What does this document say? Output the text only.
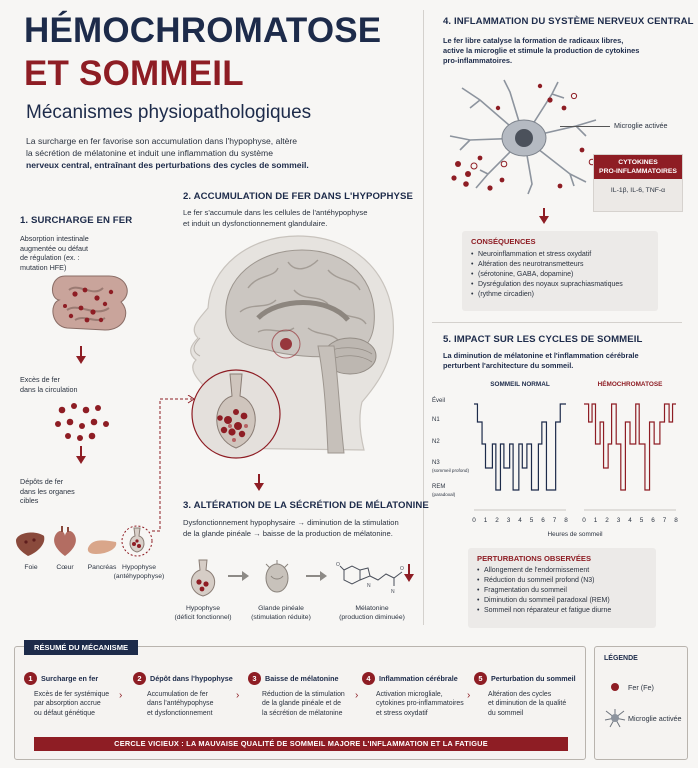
HÉMOCHROMATOSE
ET SOMMEIL
Mécanismes physiopathologiques
La surcharge en fer favorise son accumulation dans l'hypophyse, altère
la sécrétion de mélatonine et induit une inflammation du système
nerveux central, entraînant des perturbations des cycles de sommeil.
1. SURCHARGE EN FER
Absorption intestinale
augmentée ou défaut
de régulation (ex. :
mutation HFE)
Excès de fer
dans la circulation
Dépôts de fer
dans les organes
cibles
Foie	Cœur	Pancréas Hypophyse
(antéhypophyse)
2. ACCUMULATION DE FER DANS L'HYPOPHYSE
Le fer s'accumule dans les cellules de l'antéhypophyse
et induit un dysfonctionnement glandulaire.
3. ALTÉRATION DE LA SÉCRÉTION DE MÉLATONINE
Dysfonctionnement hypophysaire → diminution de la stimulation
de la glande pinéale → baisse de la production de mélatonine.
O
N
N
O
Hypophyse
(déficit fonctionnel)
Glande pinéale
(stimulation réduite)
Mélatonine
(production diminuée)
4. INFLAMMATION DU SYSTÈME NERVEUX CENTRAL
Le fer libre catalyse la formation de radicaux libres,
active la microglie et stimule la production de cytokines
pro-inflammatoires.
Microglie activée
CYTOKINES
PRO-INFLAMMATOIRES
IL-1β, IL-6, TNF-α
CONSÉQUENCES
• Neuroinflammation et stress oxydatif
• Altération des neurotransmetteurs
• (sérotonine, GABA, dopamine)
• Dysrégulation des noyaux suprachiasmatiques
• (rythme circadien)
5. IMPACT SUR LES CYCLES DE SOMMEIL
La diminution de mélatonine et l'inflammation cérébrale
perturbent l'architecture du sommeil.
Éveil
N1
N2
N3
(sommeil profond)
REM
(paradoxal)
SOMMEIL NORMAL
0 1 2 3 4 5 6 7 8
HÉMOCHROMATOSE
0 1 2 3 4 5 6 7 8
Heures de sommeil
PERTURBATIONS OBSERVÉES
• Allongement de l'endormissement
• Réduction du sommeil profond (N3)
• Fragmentation du sommeil
• Diminution du sommeil paradoxal (REM)
• Sommeil non réparateur et fatigue diurne
RÉSUMÉ DU MÉCANISME
1	Surcharge en fer
Excès de fer systémique
par absorption accrue
ou défaut génétique
›
2	Dépôt dans l'hypophyse
Accumulation de fer
dans l'antéhypophyse
et dysfonctionnement
›
3	Baisse de mélatonine
Réduction de la stimulation
de la glande pinéale et de
la sécrétion de mélatonine
›
4	Inflammation cérébrale
Activation microgliale,
cytokines pro-inflammatoires
et stress oxydatif
›
5	Perturbation du sommeil
Altération des cycles
et diminution de la qualité
du sommeil
CERCLE VICIEUX : LA MAUVAISE QUALITÉ DE SOMMEIL MAJORE L'INFLAMMATION ET LA FATIGUE
LÉGENDE
Fer (Fe)
Microglie activée
